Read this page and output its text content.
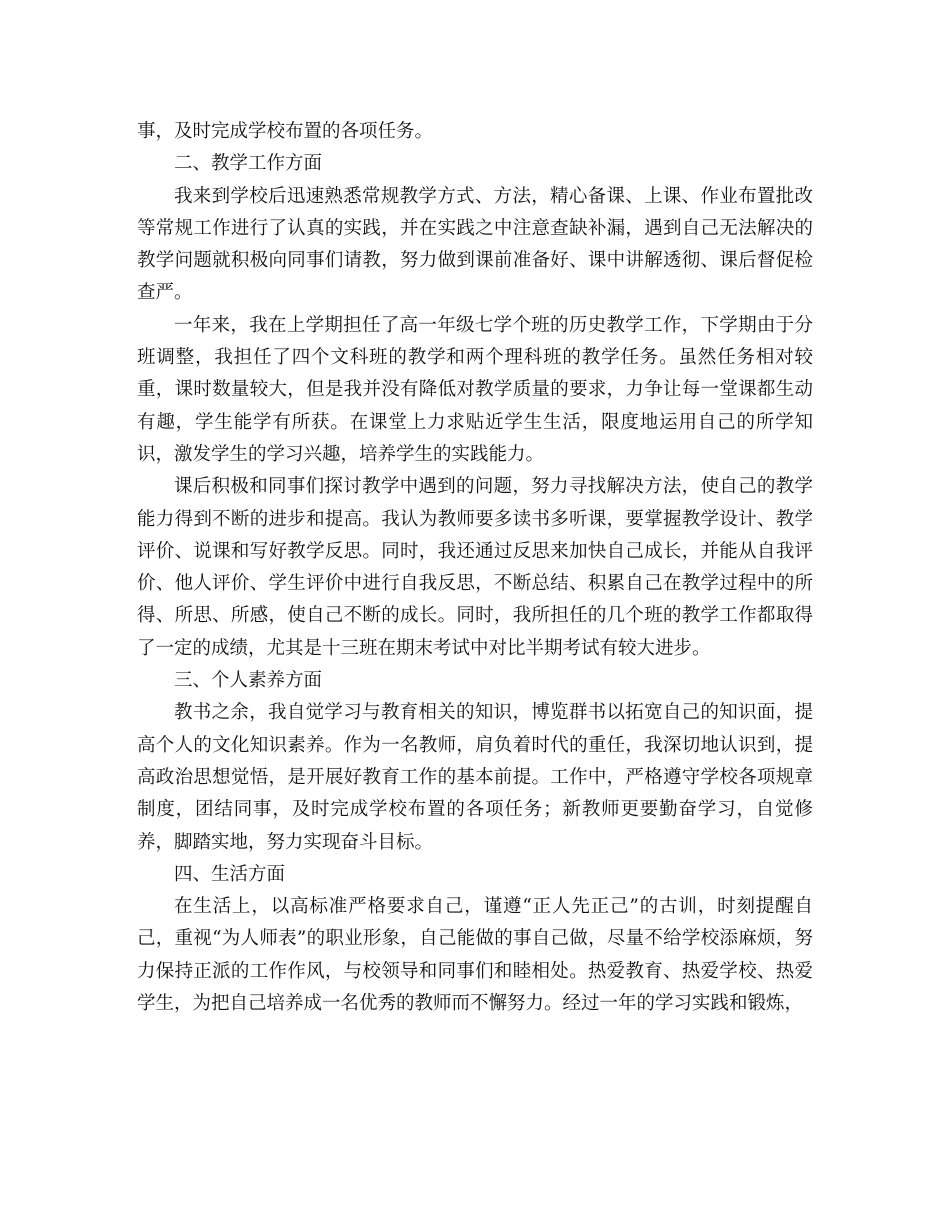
事，及时完成学校布置的各项任务。

二、教学工作方面

我来到学校后迅速熟悉常规教学方式、方法，精心备课、上课、作业布置批改等常规工作进行了认真的实践，并在实践之中注意查缺补漏，遇到自己无法解决的教学问题就积极向同事们请教，努力做到课前准备好、课中讲解透彻、课后督促检查严。

一年来，我在上学期担任了高一年级七学个班的历史教学工作，下学期由于分班调整，我担任了四个文科班的教学和两个理科班的教学任务。虽然任务相对较重，课时数量较大，但是我并没有降低对教学质量的要求，力争让每一堂课都生动有趣，学生能学有所获。在课堂上力求贴近学生生活，限度地运用自己的所学知识，激发学生的学习兴趣，培养学生的实践能力。

课后积极和同事们探讨教学中遇到的问题，努力寻找解决方法，使自己的教学能力得到不断的进步和提高。我认为教师要多读书多听课，要掌握教学设计、教学评价、说课和写好教学反思。同时，我还通过反思来加快自己成长，并能从自我评价、他人评价、学生评价中进行自我反思，不断总结、积累自己在教学过程中的所得、所思、所感，使自己不断的成长。同时，我所担任的几个班的教学工作都取得了一定的成绩，尤其是十三班在期末考试中对比半期考试有较大进步。

三、个人素养方面

教书之余，我自觉学习与教育相关的知识，博览群书以拓宽自己的知识面，提高个人的文化知识素养。作为一名教师，肩负着时代的重任，我深切地认识到，提高政治思想觉悟，是开展好教育工作的基本前提。工作中，严格遵守学校各项规章制度，团结同事，及时完成学校布置的各项任务；新教师更要勤奋学习，自觉修养，脚踏实地，努力实现奋斗目标。

四、生活方面

在生活上，以高标准严格要求自己，谨遵“正人先正己”的古训，时刻提醒自己，重视“为人师表”的职业形象，自己能做的事自己做，尽量不给学校添麻烦，努力保持正派的工作作风，与校领导和同事们和睦相处。热爱教育、热爱学校、热爱学生，为把自己培养成一名优秀的教师而不懈努力。经过一年的学习实践和锻炼，
